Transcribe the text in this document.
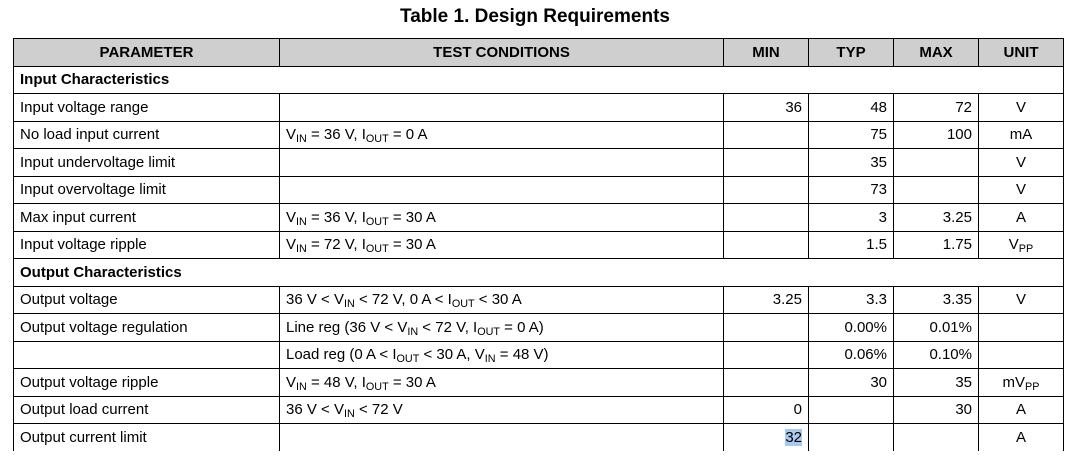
Table 1. Design Requirements
PARAMETER	TEST CONDITIONS	MIN	TYP	MAX	UNIT
Input Characteristics					
Input voltage range		36	48	72	V
No load input current	$V_{IN} = 36$ V, $I_{OUT} = 0$ A		75	100	mA
Input undervoltage limit			35		V
Input overvoltage limit			73		V
Max input current	$V_{IN} = 36$ V, $I_{OUT} = 30$ A		3	3.25	A
Input voltage ripple	$V_{IN} = 72$ V, $I_{OUT} = 30$ A		1.5	1.75	$V_{PP}$
Output Characteristics					
Output voltage	36 $V < V_{IN} < 72$ V, 0 $A < I_{OUT} < 30$ A	3.25	3.3	3.35	V
Output voltage regulation	Line reg (36 $V < V_{IN} < 72$ V, $I_{OUT} = 0$ A)		0.00%	0.01%	
	Load reg (0 $A < I_{OUT} < 30$ A, $V_{IN} = 48$ V)		0.06%	0.10%	
Output voltage ripple	$V_{IN} = 48$ V, $I_{OUT} = 30$ A		30	35	$mV_{PP}$
Output load current	36 $V < V_{IN} < 72$ V	0		30	A
Output current limit		32			A
